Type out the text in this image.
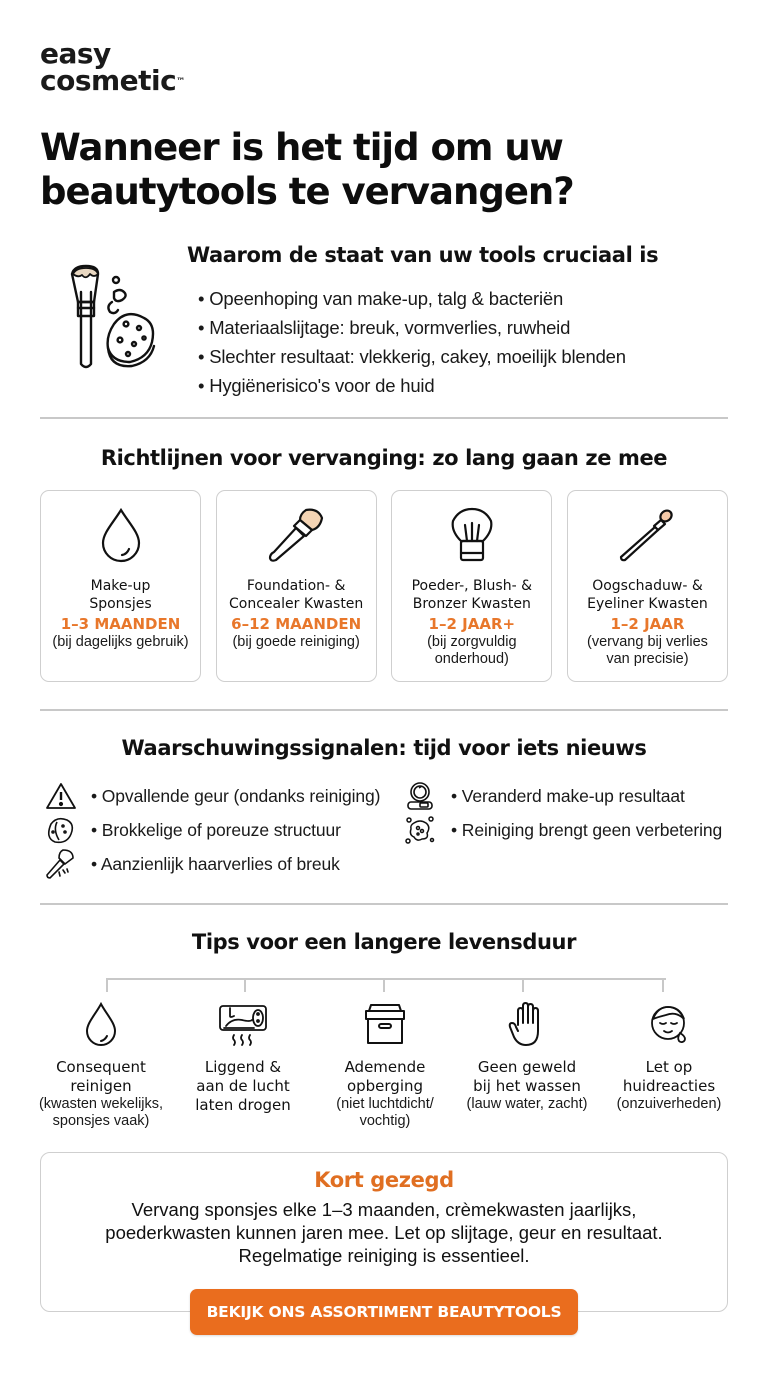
easy
cosmetic™
Wanneer is het tijd om uw
beautytools te vervangen?
Waarom de staat van uw tools cruciaal is
• Opeenhoping van make-up, talg & bacteriën
• Materiaalslijtage: breuk, vormverlies, ruwheid
• Slechter resultaat: vlekkerig, cakey, moeilijk blenden
• Hygiënerisico's voor de huid
Richtlijnen voor vervanging: zo lang gaan ze mee
Make-up
Sponsjes
1–3 MAANDEN
(bij dagelijks gebruik)
Foundation- &
Concealer Kwasten
6–12 MAANDEN
(bij goede reiniging)
Poeder-, Blush- &
Bronzer Kwasten
1–2 JAAR+
(bij zorgvuldig
onderhoud)
Oogschaduw- &
Eyeliner Kwasten
1–2 JAAR
(vervang bij verlies
van precisie)
Waarschuwingssignalen: tijd voor iets nieuws
• Opvallende geur (ondanks reiniging)
• Brokkelige of poreuze structuur
• Aanzienlijk haarverlies of breuk
• Veranderd make-up resultaat
• Reiniging brengt geen verbetering
Tips voor een langere levensduur
Consequent
reinigen
(kwasten wekelijks,
sponsjes vaak)
Liggend &
aan de lucht
laten drogen
Ademende
opberging
(niet luchtdicht/
vochtig)
Geen geweld
bij het wassen
(lauw water, zacht)
Let op
huidreacties
(onzuiverheden)
Kort gezegd
Vervang sponsjes elke 1–3 maanden, crèmekwasten jaarlijks,
poederkwasten kunnen jaren mee. Let op slijtage, geur en resultaat.
Regelmatige reiniging is essentieel.
BEKIJK ONS ASSORTIMENT BEAUTYTOOLS
